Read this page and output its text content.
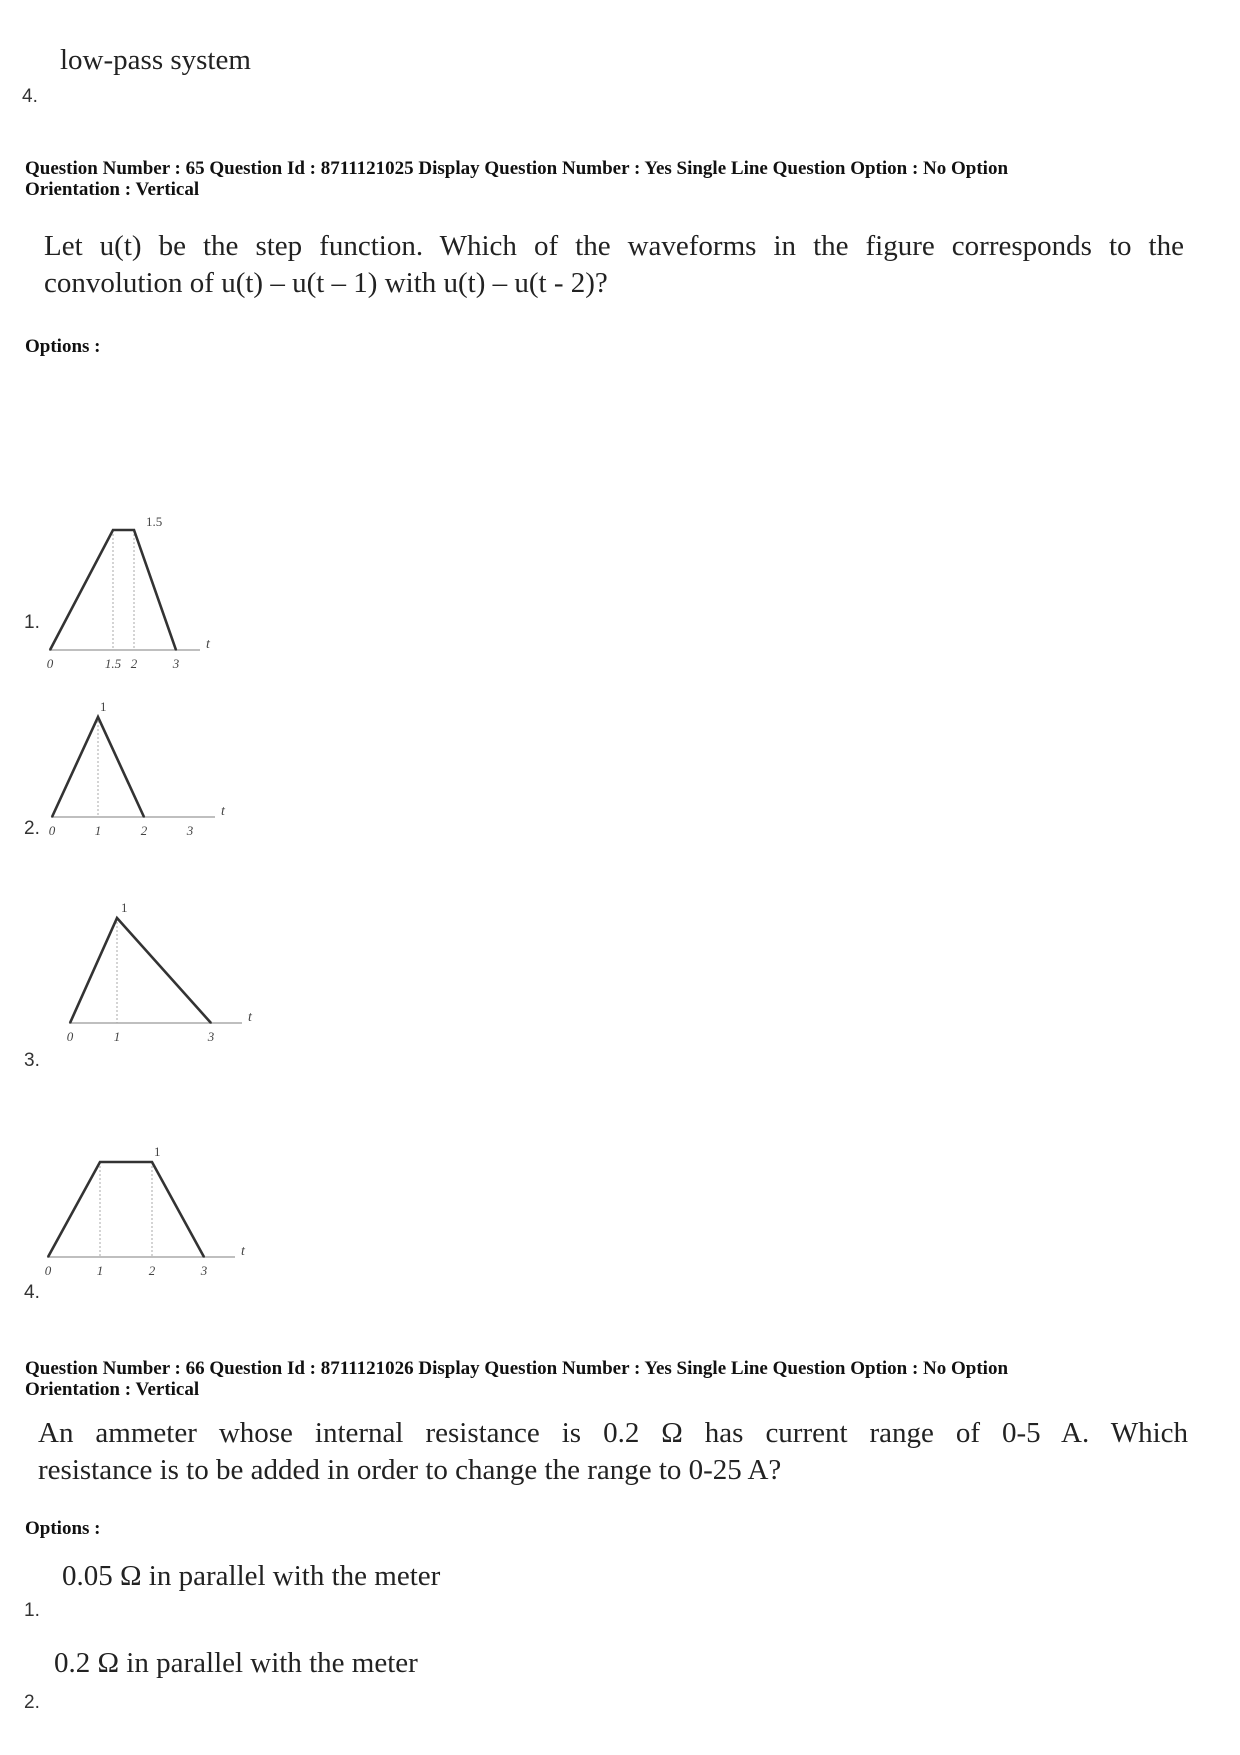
low-pass system
4.
Question Number : 65 Question Id : 8711121025 Display Question Number : Yes Single Line Question Option : No Option
Orientation : Vertical
Let u(t) be the step function. Which of the waveforms in the figure corresponds to the
convolution of u(t) – u(t – 1) with u(t) – u(t - 2)?
Options :
0	1.5 2	3
t
1.5
1.
0	1	2	3
t
1
2.
0	1	3
t
1
3.
0	1	2	3
t
1
4.
Question Number : 66 Question Id : 8711121026 Display Question Number : Yes Single Line Question Option : No Option
Orientation : Vertical
An ammeter whose internal resistance is 0.2 Ω has current range of 0-5 A. Which
resistance is to be added in order to change the range to 0-25 A?
Options :
0.05 Ω in parallel with the meter
1.
0.2 Ω in parallel with the meter
2.
